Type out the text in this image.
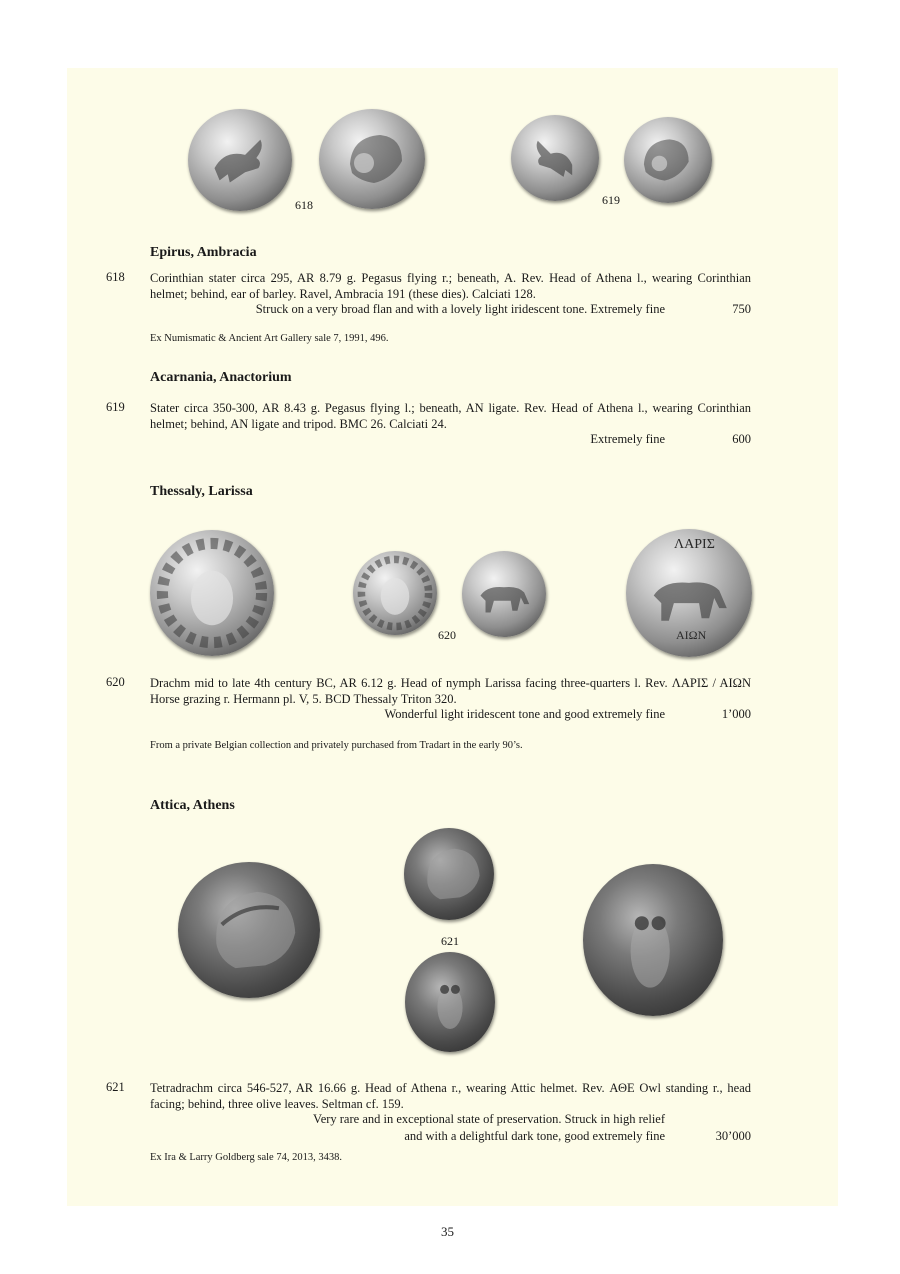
618	619
Epirus, Ambracia
618 Corinthian stater circa 295, AR 8.79 g. Pegasus flying r.; beneath, A. Rev. Head of Athena l., wearing Corinthian helmet; behind, ear of barley. Ravel, Ambracia 191 (these dies). Calciati 128.
Struck on a very broad flan and with a lovely light iridescent tone. Extremely fine	750
Ex Numismatic & Ancient Art Gallery sale 7, 1991, 496.
Acarnania, Anactorium
619 Stater circa 350-300, AR 8.43 g. Pegasus flying l.; beneath, AN ligate. Rev. Head of Athena l., wearing Corinthian helmet; behind, AN ligate and tripod. BMC 26. Calciati 24.
Extremely fine	600
Thessaly, Larissa
620
ΛΑΡΙΣ
ΑΙΩΝ
620 Drachm mid to late 4th century BC, AR 6.12 g. Head of nymph Larissa facing three-quarters l. Rev. ΛΑΡΙΣ / ΑΙΩΝ Horse grazing r. Hermann pl. V, 5. BCD Thessaly Triton 320.
Wonderful light iridescent tone and good extremely fine	1’000
From a private Belgian collection and privately purchased from Tradart in the early 90’s.
Attica, Athens
621
621 Tetradrachm circa 546-527, AR 16.66 g. Head of Athena r., wearing Attic helmet. Rev. ΑΘΕ Owl standing r., head facing; behind, three olive leaves. Seltman cf. 159.
Very rare and in exceptional state of preservation. Struck in high relief
and with a delightful dark tone, good extremely fine	30’000
Ex Ira & Larry Goldberg sale 74, 2013, 3438.
35
